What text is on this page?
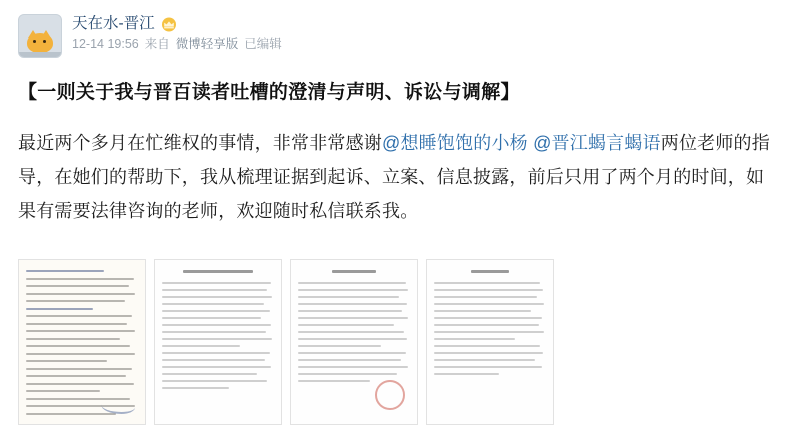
天在水-晋江
12-14 19:56 来自 微博轻享版 已编辑
【一则关于我与晋百读者吐槽的澄清与声明、诉讼与调解】
最近两个多月在忙维权的事情，非常非常感谢@想睡饱饱的小杨 @晋江蝎言蝎语两位老师的指导，在她们的帮助下，我从梳理证据到起诉、立案、信息披露，前后只用了两个月的时间，如果有需要法律咨询的老师，欢迎随时私信联系我。
